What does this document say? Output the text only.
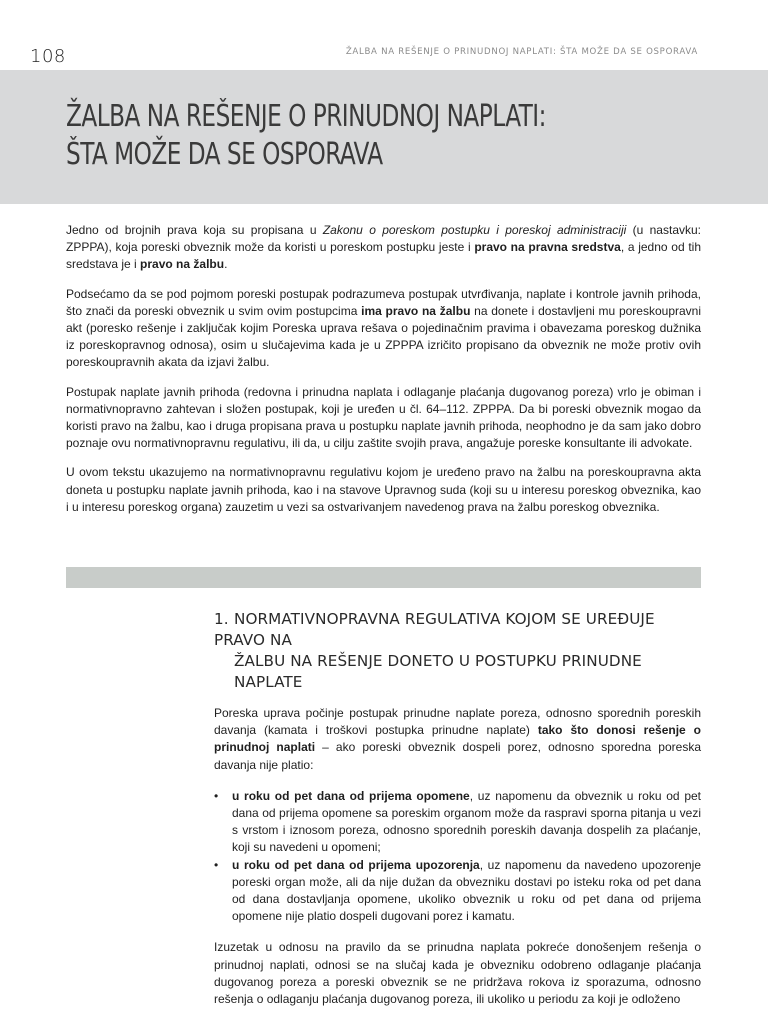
108	ŽALBA NA REŠENJE O PRINUDNOJ NAPLATI: ŠTA MOŽE DA SE OSPORAVA
ŽALBA NA REŠENJE O PRINUDNOJ NAPLATI:
ŠTA MOŽE DA SE OSPORAVA

Jedno od brojnih prava koja su propisana u Zakonu o poreskom postupku i poreskoj administraciji (u nastavku: ZPPPA), koja poreski obveznik može da koristi u poreskom postupku jeste i pravo na pravna sredstva, a jedno od tih sredstava je i pravo na žalbu.

Podsećamo da se pod pojmom poreski postupak podrazumeva postupak utvrđivanja, naplate i kontrole javnih prihoda, što znači da poreski obveznik u svim ovim postupcima ima pravo na žalbu na donete i dostavljeni mu poreskoupravni akt (poresko rešenje i zaključak kojim Poreska uprava rešava o pojedinačnim pravima i obavezama poreskog dužnika iz poreskopravnog odnosa), osim u slučajevima kada je u ZPPPA izričito propisano da obveznik ne može protiv ovih poreskoupravnih akata da izjavi žalbu.

Postupak naplate javnih prihoda (redovna i prinudna naplata i odlaganje plaćanja dugovanog poreza) vrlo je obiman i normativnopravno zahtevan i složen postupak, koji je uređen u čl. 64–112. ZPPPA. Da bi poreski obveznik mogao da koristi pravo na žalbu, kao i druga propisana prava u postupku naplate javnih prihoda, neophodno je da sam jako dobro poznaje ovu normativnopravnu regulativu, ili da, u cilju zaštite svojih prava, angažuje poreske konsultante ili advokate.

U ovom tekstu ukazujemo na normativnopravnu regulativu kojom je uređeno pravo na žalbu na poreskoupravna akta doneta u postupku naplate javnih prihoda, kao i na stavove Upravnog suda (koji su u interesu poreskog obveznika, kao i u interesu poreskog organa) zauzetim u vezi sa ostvarivanjem navedenog prava na žalbu poreskog obveznika.

1. NORMATIVNOPRAVNA REGULATIVA KOJOM SE UREĐUJE PRAVO NA
ŽALBU NA REŠENJE DONETO U POSTUPKU PRINUDNE NAPLATE

Poreska uprava počinje postupak prinudne naplate poreza, odnosno sporednih poreskih davanja (kamata i troškovi postupka prinudne naplate) tako što donosi rešenje o prinudnoj naplati – ako poreski obveznik dospeli porez, odnosno sporedna poreska davanja nije platio:

• u roku od pet dana od prijema opomene, uz napomenu da obveznik u roku od pet dana od prijema opomene sa poreskim organom može da raspravi sporna pitanja u vezi s vrstom i iznosom poreza, odnosno sporednih poreskih davanja dospelih za plaćanje, koji su navedeni u opomeni;
• u roku od pet dana od prijema upozorenja, uz napomenu da navedeno upozorenje poreski organ može, ali da nije dužan da obvezniku dostavi po isteku roka od pet dana od dana dostavljanja opomene, ukoliko obveznik u roku od pet dana od prijema opomene nije platio dospeli dugovani porez i kamatu.

Izuzetak u odnosu na pravilo da se prinudna naplata pokreće donošenjem rešenja o prinudnoj naplati, odnosi se na slučaj kada je obvezniku odobreno odlaganje plaćanja dugovanog poreza a poreski obveznik se ne pridržava rokova iz sporazuma, odnosno rešenja o odlaganju plaćanja dugovanog poreza, ili ukoliko u periodu za koji je odloženo
